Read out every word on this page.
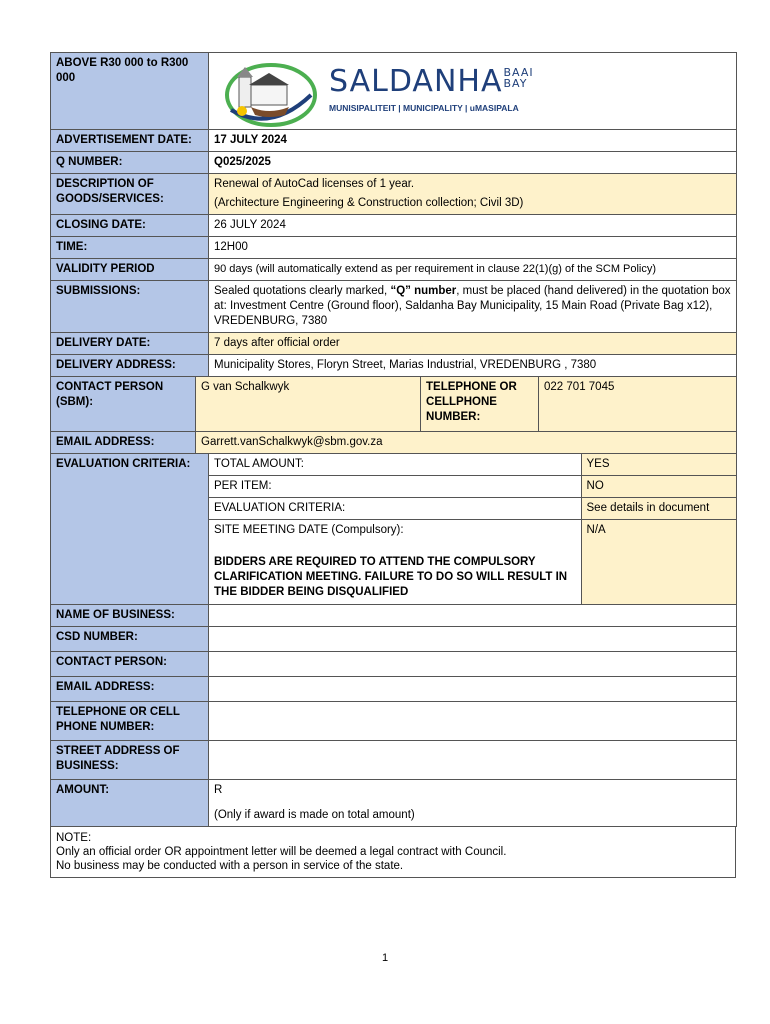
ABOVE R30 000 to R300 000	SALDANHABAAI
BAY
MUNISIPALITEIT | MUNICIPALITY | uMASIPALA

ADVERTISEMENT DATE:	17 JULY 2024
Q NUMBER:	Q025/2025
DESCRIPTION OF GOODS/SERVICES:	
Renewal of AutoCad licenses of 1 year.
(Architecture Engineering & Construction collection; Civil 3D)

CLOSING DATE:	26 JULY 2024
TIME:	12H00
VALIDITY PERIOD	90 days (will automatically extend as per requirement in clause 22(1)(g) of the SCM Policy)
SUBMISSIONS:	Sealed quotations clearly marked, “Q” number, must be placed (hand delivered) in the quotation box at: Investment Centre (Ground floor), Saldanha Bay Municipality, 15 Main Road (Private Bag x12), VREDENBURG, 7380
DELIVERY DATE:	7 days after official order
DELIVERY ADDRESS:	Municipality Stores, Floryn Street, Marias Industrial, VREDENBURG , 7380
CONTACT PERSON (SBM):	G van Schalkwyk	TELEPHONE OR CELLPHONE NUMBER:	022 701 7045
EMAIL ADDRESS:	Garrett.vanSchalkwyk@sbm.gov.za
EVALUATION CRITERIA:	TOTAL AMOUNT:	YES
PER ITEM:	NO
EVALUATION CRITERIA:	See details in document
SITE MEETING DATE (Compulsory):	N/A
BIDDERS ARE REQUIRED TO ATTEND THE COMPULSORY CLARIFICATION MEETING. FAILURE TO DO SO WILL RESULT IN THE BIDDER BEING DISQUALIFIED

NAME OF BUSINESS:	
CSD NUMBER:	
CONTACT PERSON:	
EMAIL ADDRESS:	
TELEPHONE OR CELL PHONE NUMBER:	
STREET ADDRESS OF BUSINESS:	
AMOUNT:	R
(Only if award is made on total amount)
NOTE:
Only an official order OR appointment letter will be deemed a legal contract with Council.
No business may be conducted with a person in service of the state.
1
